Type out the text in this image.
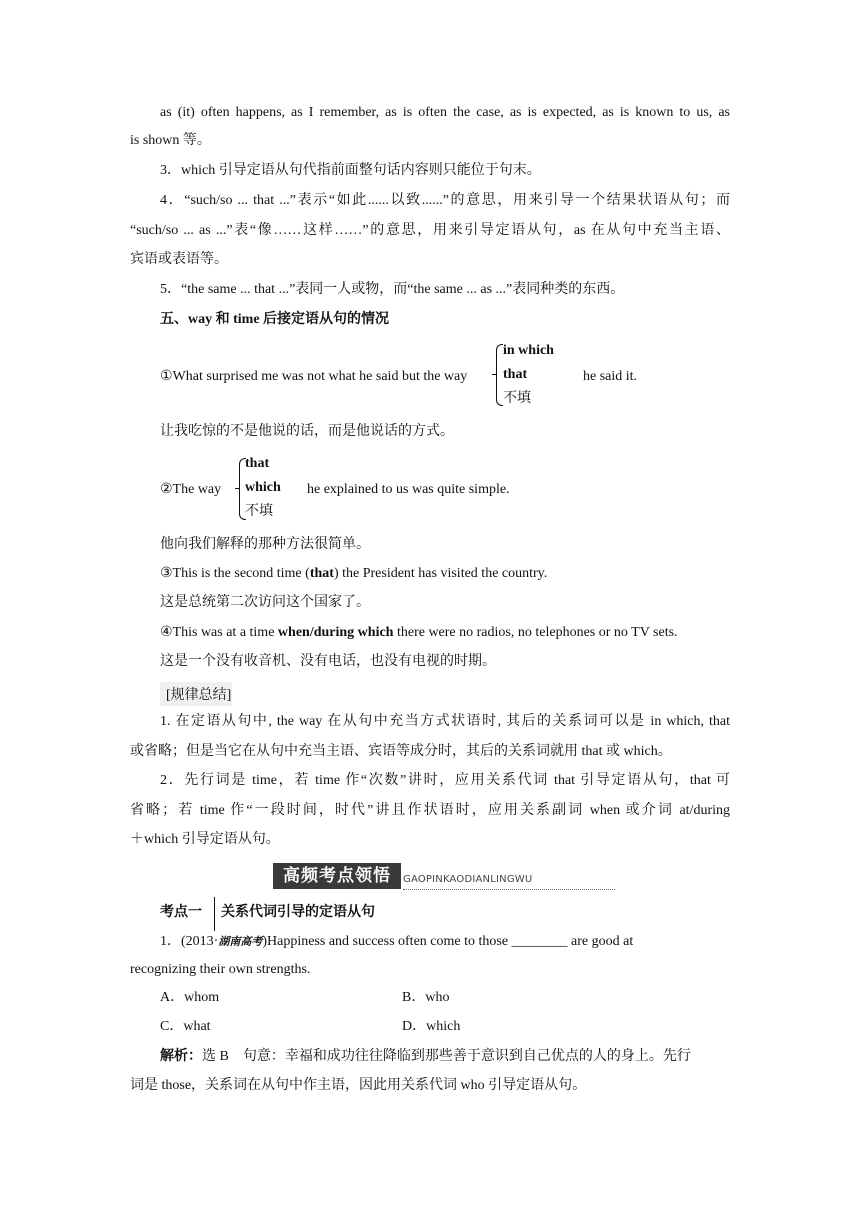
as (it) often happens, as I remember, as is often the case, as is expected, as is known to us, as
is shown 等。
3．which 引导定语从句代指前面整句话内容则只能位于句末。
4．“such/so ... that ...”表示“如此......以致......”的意思，用来引导一个结果状语从句；而
“such/so ... as ...”表“像……这样……”的意思，用来引导定语从句，as 在从句中充当主语、
宾语或表语等。
5．“the same ... that ...”表同一人或物，而“the same ... as ...”表同种类的东西。
五、way 和 time 后接定语从句的情况
①What surprised me was not what he said but the way
in which
that
不填
he said it.
让我吃惊的不是他说的话，而是他说话的方式。
②The way
that
which
不填
he explained to us was quite simple.
他向我们解释的那种方法很简单。
③This is the second time (that) the President has visited the country.
这是总统第二次访问这个国家了。
④This was at a time when/during which there were no radios, no telephones or no TV sets.
这是一个没有收音机、没有电话，也没有电视的时期。
[规律总结]
1. 在定语从句中, the way 在从句中充当方式状语时, 其后的关系词可以是 in which, that
或省略；但是当它在从句中充当主语、宾语等成分时，其后的关系词就用 that 或 which。
2．先行词是 time，若 time 作“次数”讲时，应用关系代词 that 引导定语从句，that 可
省略；若 time 作“一段时间，时代”讲且作状语时，应用关系副词 when 或介词 at/during
＋which 引导定语从句。
高频考点领悟	GAOPINKAODIANLINGWU
考点一 关系代词引导的定语从句
1．(2013·湖南高考)Happiness and success often come to those ________ are good at
recognizing their own strengths.
A．whom	B．who
C．what	D．which
解析：选 B　句意：幸福和成功往往降临到那些善于意识到自己优点的人的身上。先行
词是 those，关系词在从句中作主语，因此用关系代词 who 引导定语从句。
